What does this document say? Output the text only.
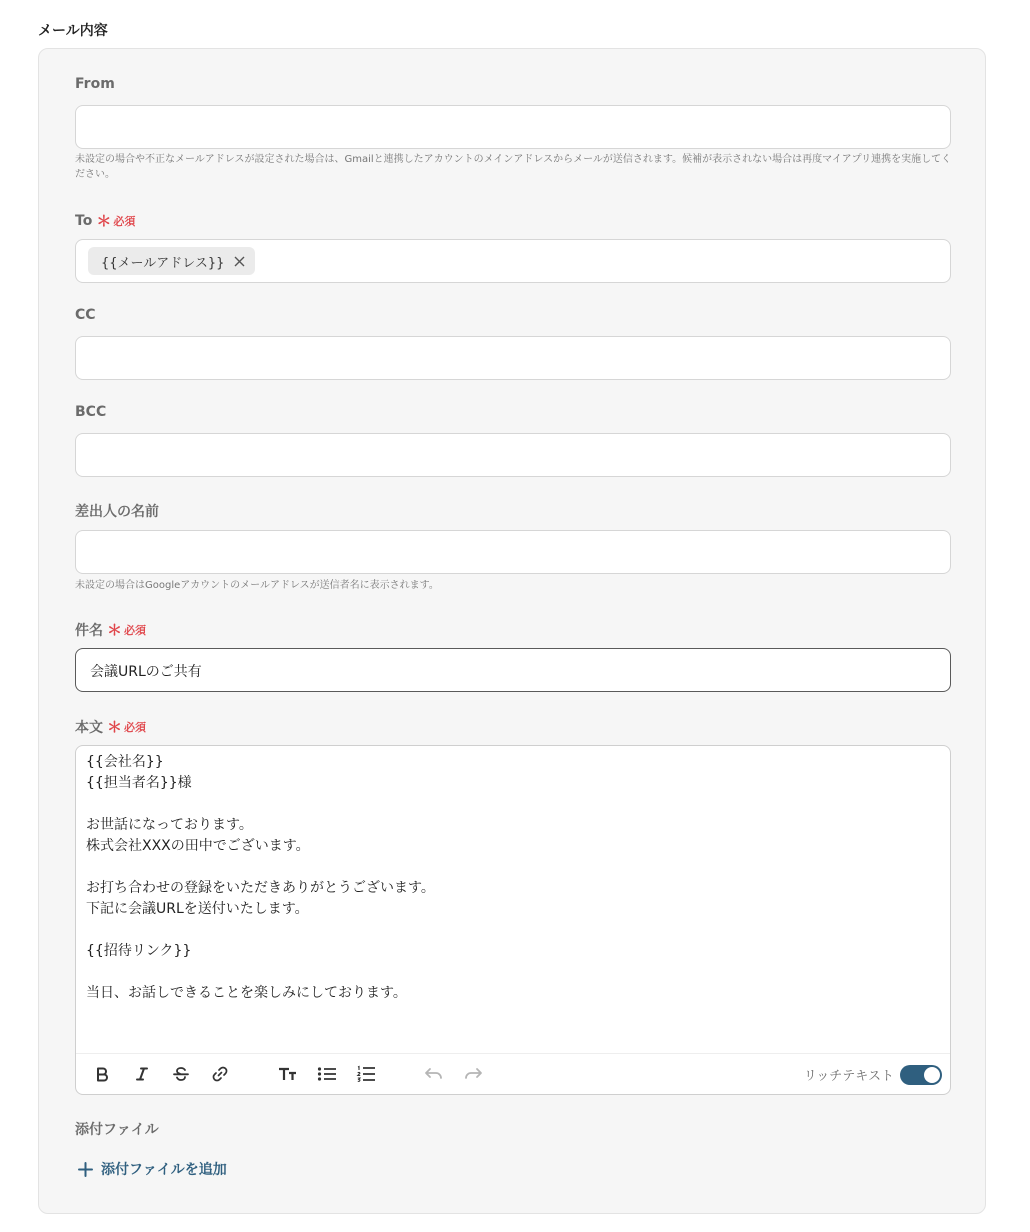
メール内容
From
未設定の場合や不正なメールアドレスが設定された場合は、Gmailと連携したアカウントのメインアドレスからメールが送信されます。候補が表示されない場合は再度マイアプリ連携を実施してください。
To ＊ 必須
{{メールアドレス}}
CC
BCC
差出人の名前
未設定の場合はGoogleアカウントのメールアドレスが送信者名に表示されます。
件名 ＊ 必須
会議URLのご共有
本文 ＊ 必須
{{会社名}}
{{担当者名}}様
お世話になっております。
株式会社XXXの田中でございます。
お打ち合わせの登録をいただきありがとうございます。
下記に会議URLを送付いたします。
{{招待リンク}}
当日、お話しできることを楽しみにしております。
リッチテキスト
添付ファイル
添付ファイルを追加
